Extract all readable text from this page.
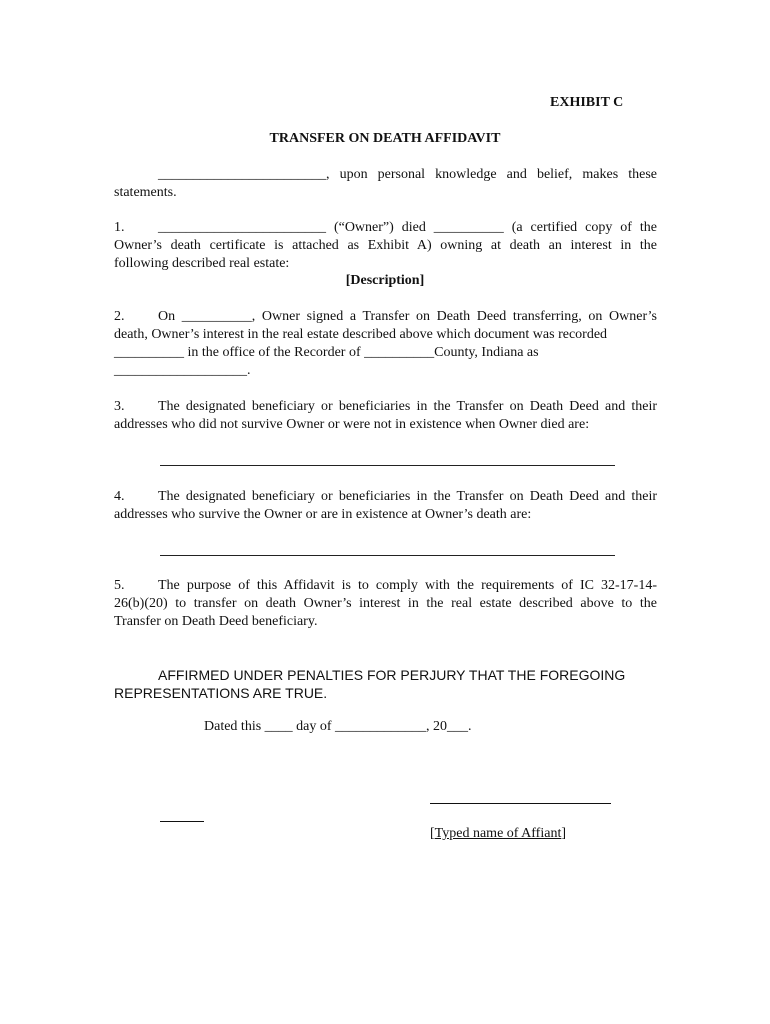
EXHIBIT C
TRANSFER ON DEATH AFFIDAVIT
________________________, upon personal knowledge and belief, makes these
statements.
1. ________________________ (“Owner”) died __________ (a certified copy of the
Owner’s death certificate is attached as Exhibit A) owning at death an interest in the
following described real estate:
[Description]
2. On __________, Owner signed a Transfer on Death Deed transferring, on Owner’s
death, Owner’s interest in the real estate described above which document was recorded
__________ in the office of the Recorder of __________County, Indiana as
___________________.
3. The designated beneficiary or beneficiaries in the Transfer on Death Deed and their
addresses who did not survive Owner or were not in existence when Owner died are:
4. The designated beneficiary or beneficiaries in the Transfer on Death Deed and their
addresses who survive the Owner or are in existence at Owner’s death are:
5. The purpose of this Affidavit is to comply with the requirements of IC 32-17-14-
26(b)(20) to transfer on death Owner’s interest in the real estate described above to the
Transfer on Death Deed beneficiary.
AFFIRMED UNDER PENALTIES FOR PERJURY THAT THE FOREGOING
REPRESENTATIONS ARE TRUE.
Dated this ____ day of _____________, 20___.
[Typed name of Affiant]
